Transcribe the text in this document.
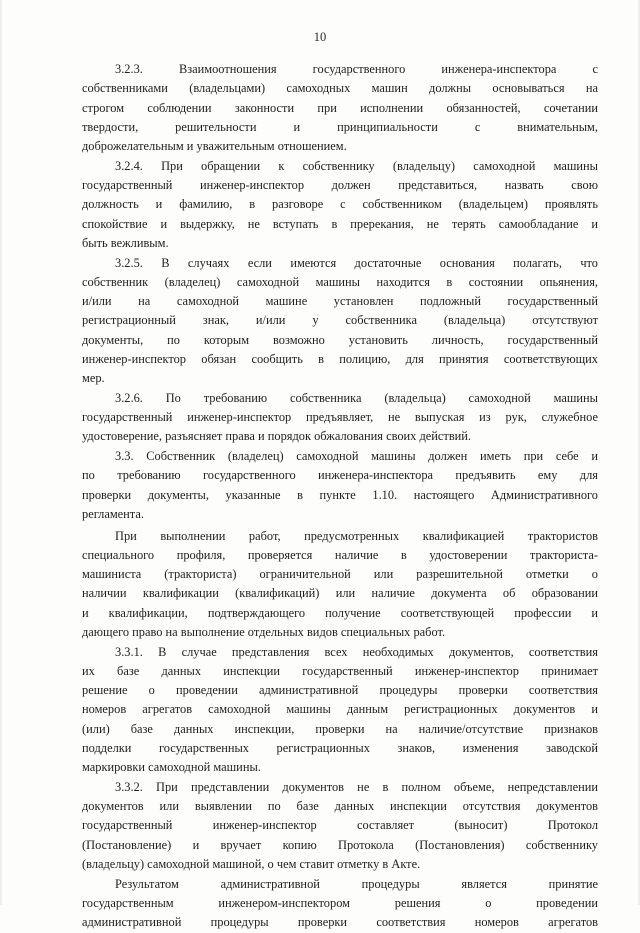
10
3.2.3. Взаимоотношения государственного инженера-инспектора с
собственниками (владельцами) самоходных машин должны основываться на
строгом соблюдении законности при исполнении обязанностей, сочетании
твердости, решительности и принципиальности с внимательным,
доброжелательным и уважительным отношением.
3.2.4. При обращении к собственнику (владельцу) самоходной машины
государственный инженер-инспектор должен представиться, назвать свою
должность и фамилию, в разговоре с собственником (владельцем) проявлять
спокойствие и выдержку, не вступать в пререкания, не терять самообладание и
быть вежливым.
3.2.5. В случаях если имеются достаточные основания полагать, что
собственник (владелец) самоходной машины находится в состоянии опьянения,
и/или на самоходной машине установлен подложный государственный
регистрационный знак, и/или у собственника (владельца) отсутствуют
документы, по которым возможно установить личность, государственный
инженер-инспектор обязан сообщить в полицию, для принятия соответствующих
мер.
3.2.6. По требованию собственника (владельца) самоходной машины
государственный инженер-инспектор предъявляет, не выпуская из рук, служебное
удостоверение, разъясняет права и порядок обжалования своих действий.
3.3. Собственник (владелец) самоходной машины должен иметь при себе и
по требованию государственного инженера-инспектора предъявить ему для
проверки документы, указанные в пункте 1.10. настоящего Административного
регламента.
При выполнении работ, предусмотренных квалификацией трактористов
специального профиля, проверяется наличие в удостоверении тракториста-
машиниста (тракториста) ограничительной или разрешительной отметки о
наличии квалификации (квалификаций) или наличие документа об образовании
и квалификации, подтверждающего получение соответствующей профессии и
дающего право на выполнение отдельных видов специальных работ.
3.3.1. В случае представления всех необходимых документов, соответствия
их базе данных инспекции государственный инженер-инспектор принимает
решение о проведении административной процедуры проверки соответствия
номеров агрегатов самоходной машины данным регистрационных документов и
(или) базе данных инспекции, проверки на наличие/отсутствие признаков
подделки государственных регистрационных знаков, изменения заводской
маркировки самоходной машины.
3.3.2. При представлении документов не в полном объеме, непредставлении
документов или выявлении по базе данных инспекции отсутствия документов
государственный инженер-инспектор составляет (выносит) Протокол
(Постановление) и вручает копию Протокола (Постановления) собственнику
(владельцу) самоходной машиной, о чем ставит отметку в Акте.
Результатом административной процедуры является принятие
государственным инженером-инспектором решения о проведении
административной процедуры проверки соответствия номеров агрегатов
